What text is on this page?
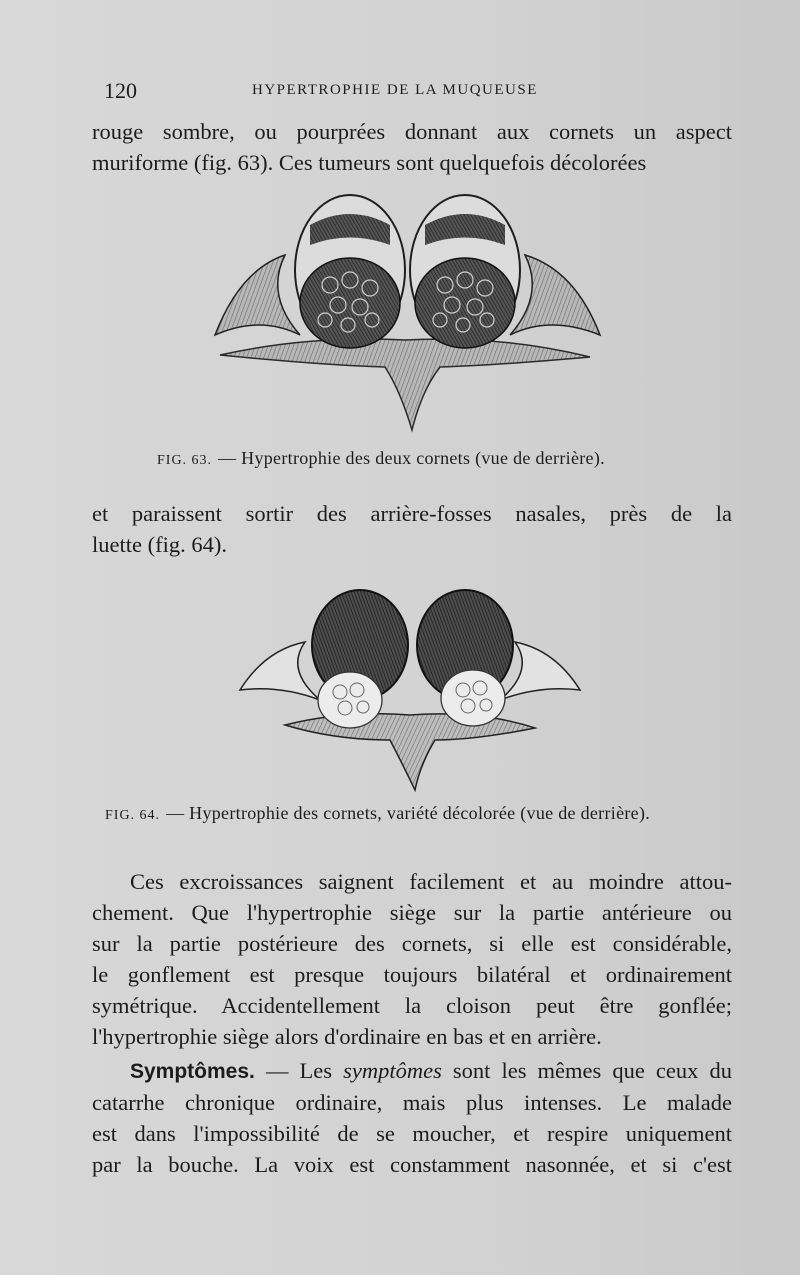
120	HYPERTROPHIE DE LA MUQUEUSE

rouge sombre, ou pourprées donnant aux cornets un aspect
muriforme (fig. 63). Ces tumeurs sont quelquefois décolorées

FIG. 63. — Hypertrophie des deux cornets (vue de derrière).

et paraissent sortir des arrière-fosses nasales, près de la
luette (fig. 64).

FIG. 64. — Hypertrophie des cornets, variété décolorée (vue de derrière).

Ces excroissances saignent facilement et au moindre attou-
chement. Que l'hypertrophie siège sur la partie antérieure ou
sur la partie postérieure des cornets, si elle est considérable,
le gonflement est presque toujours bilatéral et ordinairement
symétrique. Accidentellement la cloison peut être gonflée;
l'hypertrophie siège alors d'ordinaire en bas et en arrière.

Symptômes. — Les symptômes sont les mêmes que ceux du
catarrhe chronique ordinaire, mais plus intenses. Le malade
est dans l'impossibilité de se moucher, et respire uniquement
par la bouche. La voix est constamment nasonnée, et si c'est
